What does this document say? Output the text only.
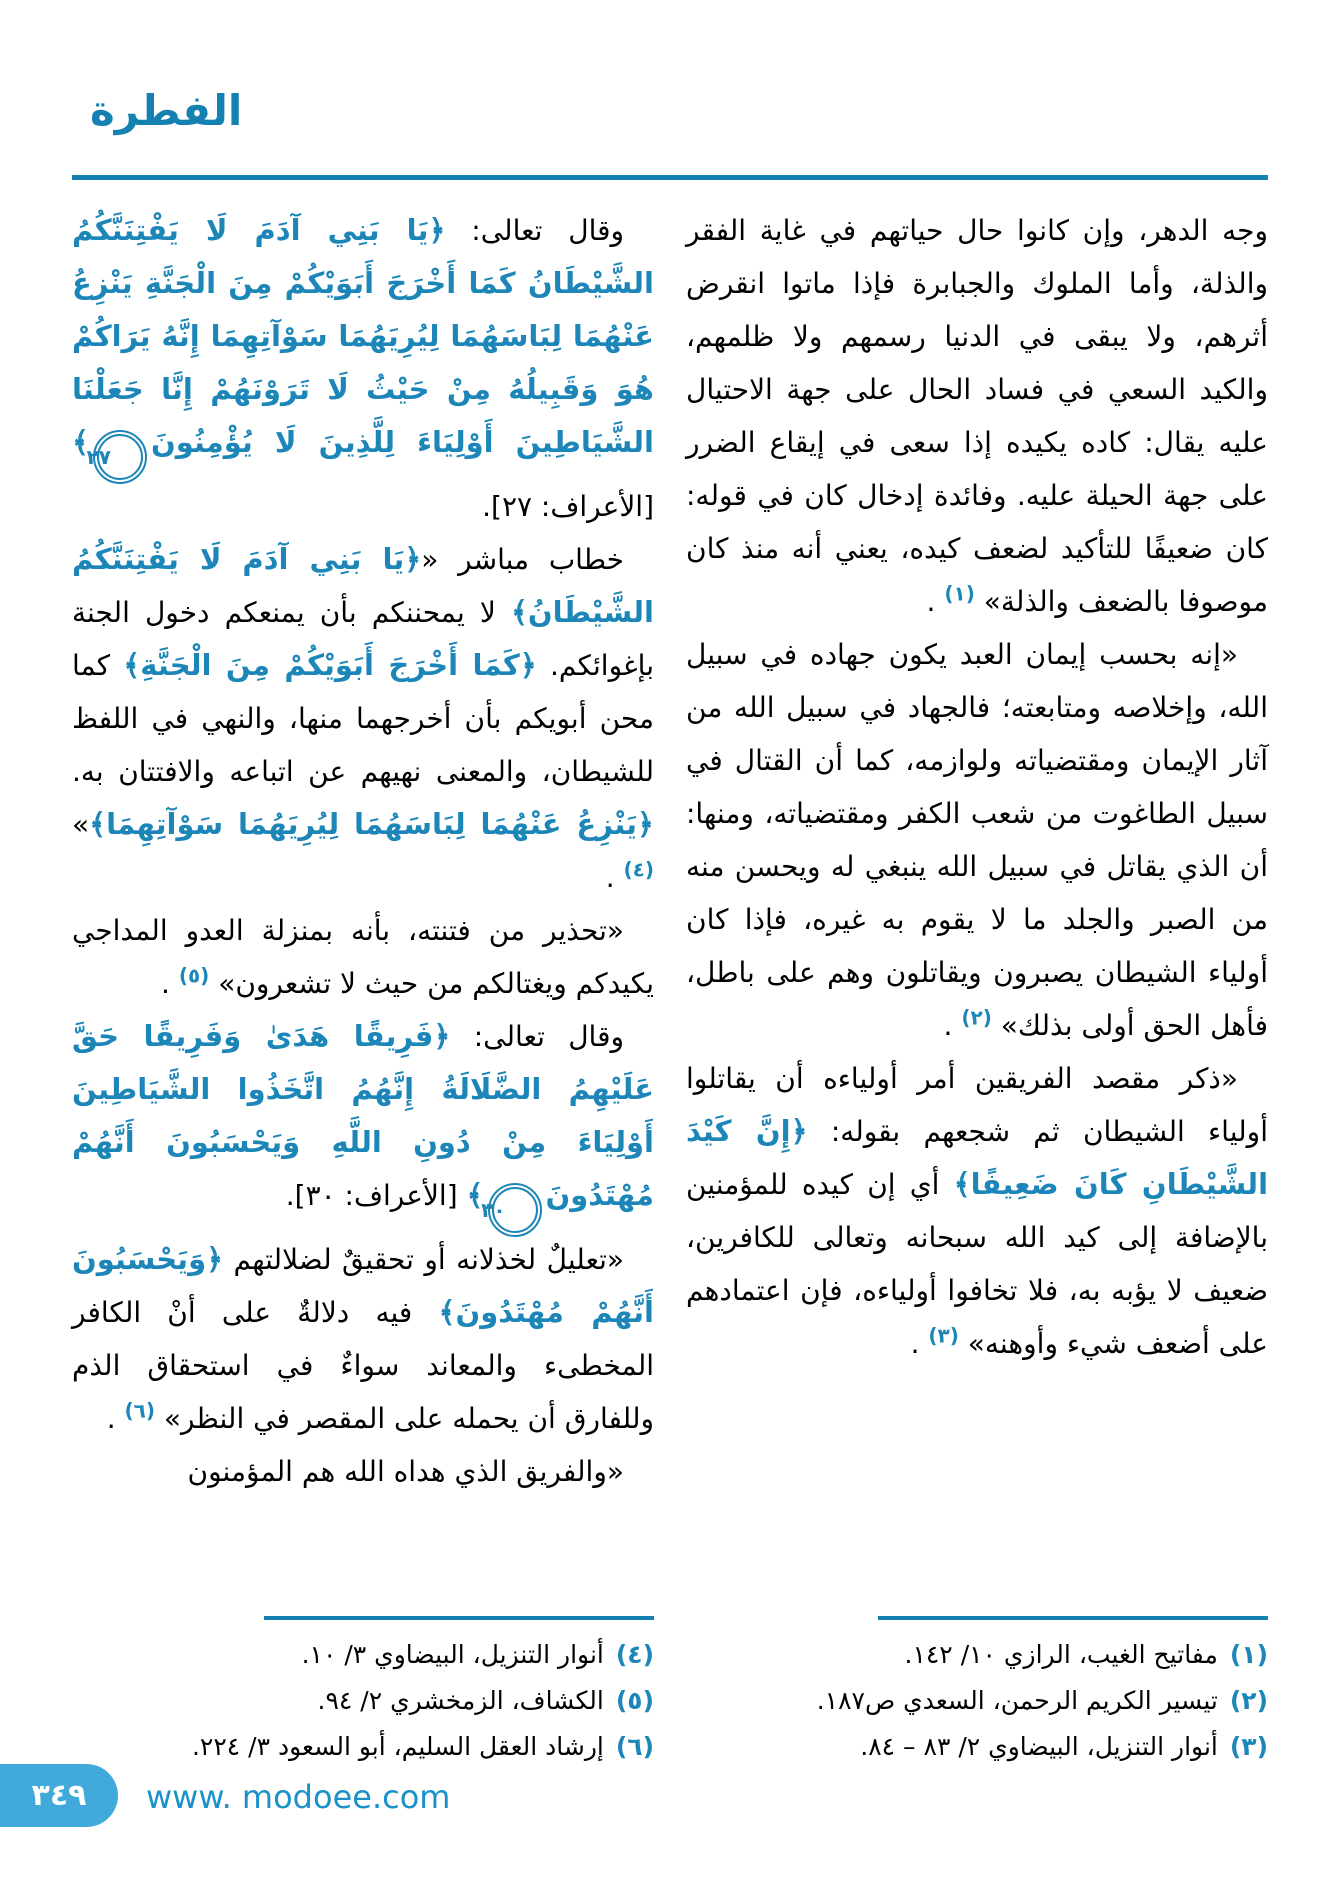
الفطرة

وجه الدهر، وإن كانوا حال حياتهم في غاية الفقر والذلة، وأما الملوك والجبابرة فإذا ماتوا انقرض أثرهم، ولا يبقى في الدنيا رسمهم ولا ظلمهم، والكيد السعي في فساد الحال على جهة الاحتيال عليه يقال: كاده يكيده إذا سعى في إيقاع الضرر على جهة الحيلة عليه. وفائدة إدخال كان في قوله: كان ضعيفًا للتأكيد لضعف كيده، يعني أنه منذ كان موصوفا بالضعف والذلة» $^{(١)}$ .

«إنه بحسب إيمان العبد يكون جهاده في سبيل الله، وإخلاصه ومتابعته؛ فالجهاد في سبيل الله من آثار الإيمان ومقتضياته ولوازمه، كما أن القتال في سبيل الطاغوت من شعب الكفر ومقتضياته، ومنها: أن الذي يقاتل في سبيل الله ينبغي له ويحسن منه من الصبر والجلد ما لا يقوم به غيره، فإذا كان أولياء الشيطان يصبرون ويقاتلون وهم على باطل، فأهل الحق أولى بذلك» $^{(٢)}$ .

«ذكر مقصد الفريقين أمر أولياءه أن يقاتلوا أولياء الشيطان ثم شجعهم بقوله: ﴿إِنَّ كَيْدَ الشَّيْطَانِ كَانَ ضَعِيفًا﴾ أي إن كيده للمؤمنين بالإضافة إلى كيد الله سبحانه وتعالى للكافرين، ضعيف لا يؤبه به، فلا تخافوا أولياءه، فإن اعتمادهم على أضعف شيء وأوهنه» $^{(٣)}$ .

(١)مفاتيح الغيب، الرازي ١٠/ ١٤٢.
(٢)تيسير الكريم الرحمن، السعدي ص١٨٧.
(٣)أنوار التنزيل، البيضاوي ٢/ ٨٣ – ٨٤.

وقال تعالى: ﴿يَا بَنِي آدَمَ لَا يَفْتِنَنَّكُمُ الشَّيْطَانُ كَمَا أَخْرَجَ أَبَوَيْكُمْ مِنَ الْجَنَّةِ يَنْزِعُ عَنْهُمَا لِبَاسَهُمَا لِيُرِيَهُمَا سَوْآتِهِمَا إِنَّهُ يَرَاكُمْ هُوَ وَقَبِيلُهُ مِنْ حَيْثُ لَا تَرَوْنَهُمْ إِنَّا جَعَلْنَا الشَّيَاطِينَ أَوْلِيَاءَ لِلَّذِينَ لَا يُؤْمِنُونَ٢٧﴾ [الأعراف: ٢٧].

خطاب مباشر «﴿يَا بَنِي آدَمَ لَا يَفْتِنَنَّكُمُ الشَّيْطَانُ﴾ لا يمحننكم بأن يمنعكم دخول الجنة بإغوائكم. ﴿كَمَا أَخْرَجَ أَبَوَيْكُمْ مِنَ الْجَنَّةِ﴾ كما محن أبويكم بأن أخرجهما منها، والنهي في اللفظ للشيطان، والمعنى نهيهم عن اتباعه والافتتان به. ﴿يَنْزِعُ عَنْهُمَا لِبَاسَهُمَا لِيُرِيَهُمَا سَوْآتِهِمَا﴾» $^{(٤)}$ .

«تحذير من فتنته، بأنه بمنزلة العدو المداجي يكيدكم ويغتالكم من حيث لا تشعرون» $^{(٥)}$ .

وقال تعالى: ﴿فَرِيقًا هَدَىٰ وَفَرِيقًا حَقَّ عَلَيْهِمُ الضَّلَالَةُ إِنَّهُمُ اتَّخَذُوا الشَّيَاطِينَ أَوْلِيَاءَ مِنْ دُونِ اللَّهِ وَيَحْسَبُونَ أَنَّهُمْ مُهْتَدُونَ٣٠﴾ [الأعراف: ٣٠].

«تعليلٌ لخذلانه أو تحقيقٌ لضلالتهم ﴿وَيَحْسَبُونَ أَنَّهُمْ مُهْتَدُونَ﴾ فيه دلالةٌ على أنْ الكافر المخطىء والمعاند سواءٌ في استحقاق الذم وللفارق أن يحمله على المقصر في النظر» $^{(٦)}$ .

«والفريق الذي هداه الله هم المؤمنون

(٤)أنوار التنزيل، البيضاوي ٣/ ١٠.
(٥)الكشاف، الزمخشري ٢/ ٩٤.
(٦)إرشاد العقل السليم، أبو السعود ٣/ ٢٢٤.
٣٤٩	www. modoee.com
